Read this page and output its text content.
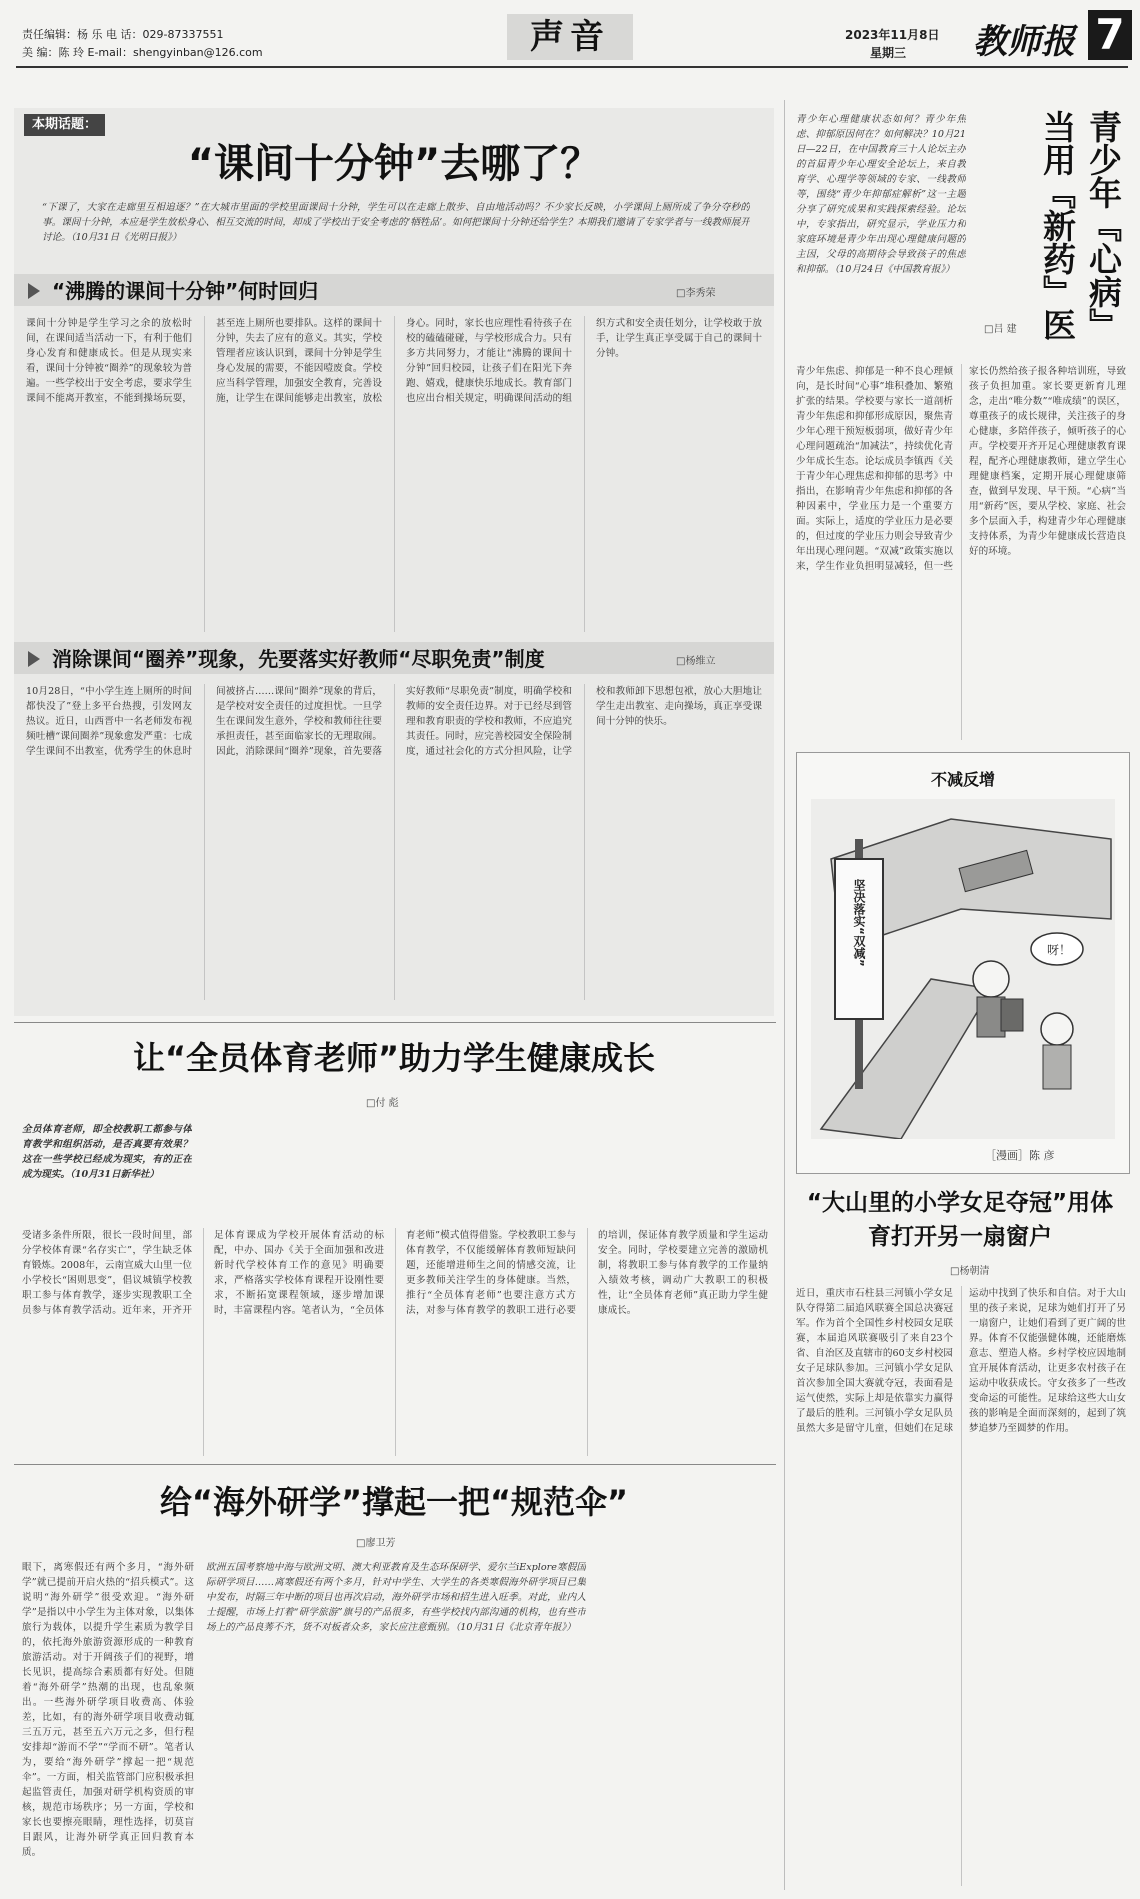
责任编辑：杨 乐 电 话：029-87337551
美 编：陈 玲 E-mail：shengyinban@126.com	声音	2023年11月8日
星期三 教师报 7
本期话题：
“课间十分钟”去哪了？
“下课了，大家在走廊里互相追逐？”在大城市里面的学校里面课间十分钟，学生可以在走廊上散步、自由地活动吗？不少家长反映，小学课间上厕所成了争分夺秒的事。课间十分钟，本应是学生放松身心、相互交流的时间，却成了学校出于安全考虑的‘牺牲品’。如何把课间十分钟还给学生？本期我们邀请了专家学者与一线教师展开讨论。（10月31日《光明日报》）
“沸腾的课间十分钟”何时回归	□李秀荣
课间十分钟是学生学习之余的放松时间，在课间适当活动一下，有利于他们身心发育和健康成长。但是从现实来看，课间十分钟被“圈养”的现象较为普遍。一些学校出于安全考虑，要求学生课间不能离开教室，不能到操场玩耍，甚至连上厕所也要排队。这样的课间十分钟，失去了应有的意义。其实，学校管理者应该认识到，课间十分钟是学生身心发展的需要，不能因噎废食。学校应当科学管理，加强安全教育，完善设施，让学生在课间能够走出教室，放松身心。同时，家长也应理性看待孩子在校的磕磕碰碰，与学校形成合力。只有多方共同努力，才能让“沸腾的课间十分钟”回归校园，让孩子们在阳光下奔跑、嬉戏，健康快乐地成长。教育部门也应出台相关规定，明确课间活动的组织方式和安全责任划分，让学校敢于放手，让学生真正享受属于自己的课间十分钟。
消除课间“圈养”现象，先要落实好教师“尽职免责”制度	□杨维立
10月28日，“中小学生连上厕所的时间都快没了”登上多平台热搜，引发网友热议。近日，山西晋中一名老师发布视频吐槽“课间圈养”现象愈发严重：七成学生课间不出教室，优秀学生的休息时间被挤占……课间“圈养”现象的背后，是学校对安全责任的过度担忧。一旦学生在课间发生意外，学校和教师往往要承担责任，甚至面临家长的无理取闹。因此，消除课间“圈养”现象，首先要落实好教师“尽职免责”制度，明确学校和教师的安全责任边界。对于已经尽到管理和教育职责的学校和教师，不应追究其责任。同时，应完善校园安全保险制度，通过社会化的方式分担风险，让学校和教师卸下思想包袱，放心大胆地让学生走出教室、走向操场，真正享受课间十分钟的快乐。
青少年心理健康状态如何？青少年焦虑、抑郁原因何在？如何解决？10月21日—22日，在中国教育三十人论坛主办的首届青少年心理安全论坛上，来自教育学、心理学等领域的专家、一线教师等，围绕“青少年抑郁症解析”这一主题分享了研究成果和实践探索经验。论坛中，专家指出，研究显示，学业压力和家庭环境是青少年出现心理健康问题的主因，父母的高期待会导致孩子的焦虑和抑郁。（10月24日《中国教育报》）	青少年『心病』当用『新药』医
□吕 建
青少年焦虑、抑郁是一种不良心理倾向，是长时间“心事”堆积叠加、繁殖扩张的结果。学校要与家长一道剖析青少年焦虑和抑郁形成原因，聚焦青少年心理干预短板弱项，做好青少年心理问题疏治“加减法”，持续优化青少年成长生态。论坛成员李镇西《关于青少年心理焦虑和抑郁的思考》中指出，在影响青少年焦虑和抑郁的各种因素中，学业压力是一个重要方面。实际上，适度的学业压力是必要的，但过度的学业压力则会导致青少年出现心理问题。“双减”政策实施以来，学生作业负担明显减轻，但一些家长仍然给孩子报各种培训班，导致孩子负担加重。家长要更新育儿理念，走出“唯分数”“唯成绩”的误区，尊重孩子的成长规律，关注孩子的身心健康，多陪伴孩子，倾听孩子的心声。学校要开齐开足心理健康教育课程，配齐心理健康教师，建立学生心理健康档案，定期开展心理健康筛查，做到早发现、早干预。“心病”当用“新药”医，要从学校、家庭、社会多个层面入手，构建青少年心理健康支持体系，为青少年健康成长营造良好的环境。
不减反增
坚决落实“双减”	呀！
［漫画］陈 彦
“大山里的小学女足夺冠”用体育打开另一扇窗户
□杨朝清
近日，重庆市石柱县三河镇小学女足队夺得第二届追风联赛全国总决赛冠军。作为首个全国性乡村校园女足联赛，本届追风联赛吸引了来自23个省、自治区及直辖市的60支乡村校园女子足球队参加。三河镇小学女足队首次参加全国大赛就夺冠，表面看是运气使然，实际上却是依靠实力赢得了最后的胜利。三河镇小学女足队员虽然大多是留守儿童，但她们在足球运动中找到了快乐和自信。对于大山里的孩子来说，足球为她们打开了另一扇窗户，让她们看到了更广阔的世界。体育不仅能强健体魄，还能磨炼意志、塑造人格。乡村学校应因地制宜开展体育活动，让更多农村孩子在运动中收获成长。守女孩多了一些改变命运的可能性。足球给这些大山女孩的影响是全面而深刻的，起到了筑梦追梦乃至圆梦的作用。
让“全员体育老师”助力学生健康成长
□付 彪
全员体育老师，即全校教职工都参与体育教学和组织活动，是否真要有效果？这在一些学校已经成为现实，有的正在成为现实。（10月31日新华社）
受诸多条件所限，很长一段时间里，部分学校体育课“名存实亡”，学生缺乏体育锻炼。2008年，云南宣威大山里一位小学校长“困则思变”，倡议城镇学校教职工参与体育教学，逐步实现教职工全员参与体育教学活动。近年来，开齐开足体育课成为学校开展体育活动的标配，中办、国办《关于全面加强和改进新时代学校体育工作的意见》明确要求，严格落实学校体育课程开设刚性要求，不断拓宽课程领域，逐步增加课时，丰富课程内容。笔者认为，“全员体育老师”模式值得借鉴。学校教职工参与体育教学，不仅能缓解体育教师短缺问题，还能增进师生之间的情感交流，让更多教师关注学生的身体健康。当然，推行“全员体育老师”也要注意方式方法，对参与体育教学的教职工进行必要的培训，保证体育教学质量和学生运动安全。同时，学校要建立完善的激励机制，将教职工参与体育教学的工作量纳入绩效考核，调动广大教职工的积极性，让“全员体育老师”真正助力学生健康成长。
给“海外研学”撑起一把“规范伞”
□廖卫芳
欧洲五国考察地中海与欧洲文明、澳大利亚教育及生态环保研学、爱尔兰iExplore寒假国际研学项目……离寒假还有两个多月，针对中学生、大学生的各类寒假海外研学项目已集中发布，时隔三年中断的项目也再次启动，海外研学市场和招生进入旺季。对此，业内人士提醒，市场上打着“研学旅游”旗号的产品很多，有些学校找内部沟通的机构，也有些市场上的产品良莠不齐，货不对板者众多，家长应注意甄别。（10月31日《北京青年报》）
眼下，离寒假还有两个多月，“海外研学”就已提前开启火热的“招兵模式”。这说明“海外研学”很受欢迎。“海外研学”是指以中小学生为主体对象，以集体旅行为载体，以提升学生素质为教学目的，依托海外旅游资源形成的一种教育旅游活动。对于开阔孩子们的视野，增长见识，提高综合素质都有好处。但随着“海外研学”热潮的出现，也乱象频出。一些海外研学项目收费高、体验差，比如，有的海外研学项目收费动辄三五万元，甚至五六万元之多，但行程安排却“游而不学”“学而不研”。笔者认为，要给“海外研学”撑起一把“规范伞”。一方面，相关监管部门应积极承担起监管责任，加强对研学机构资质的审核，规范市场秩序；另一方面，学校和家长也要擦亮眼睛，理性选择，切莫盲目跟风，让海外研学真正回归教育本质。
